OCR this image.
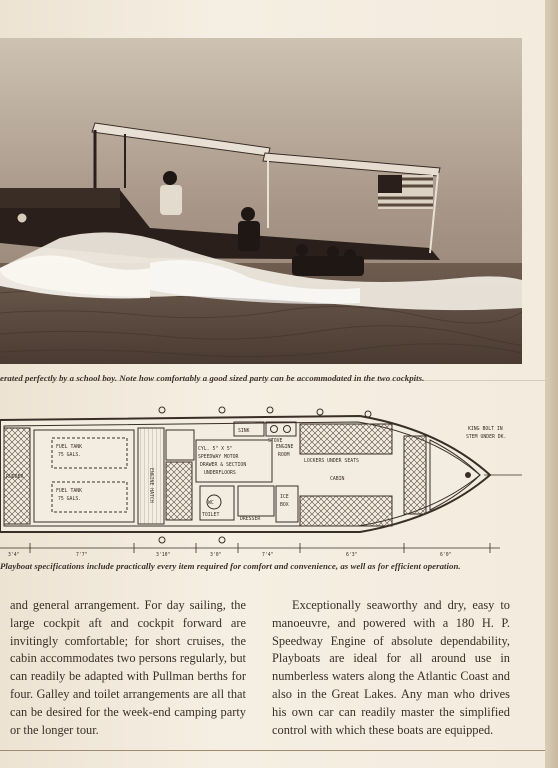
erated perfectly by a school boy. Note how comfortably a good sized party can be accommodated in the two cockpits.
FUEL TANK
75 GALS.
FUEL TANK
75 GALS.
RUDDER	ENGINE HATCH
CYL. 5" X 5"
SPEEDWAY MOTOR
DRAWER & SECTION
UNDERFLOORS
ENGINE
ROOM
SINK
STOVE
WC
TOILET
DRESSER
ICE
BOX
LOCKERS UNDER SEATS
CABIN
KING BOLT IN
STEM UNDER DK.
3'4"	7'7"	3'10"	3'0"	7'4"	6'3"	6'0"
Playboat specifications include practically every item required for comfort and convenience, as well as for efficient operation.
and general arrangement. For day sailing, the large cockpit aft and cockpit forward are invitingly comfortable; for short cruises, the cabin accommodates two persons regularly, but can readily be adapted with Pullman berths for four. Galley and toilet arrangements are all that can be desired for the week-end camping party or the longer tour.
Exceptionally seaworthy and dry, easy to manoeuvre, and powered with a 180 H. P. Speedway Engine of absolute dependability, Playboats are ideal for all around use in numberless waters along the Atlantic Coast and also in the Great Lakes. Any man who drives his own car can readily master the simplified control with which these boats are equipped.
